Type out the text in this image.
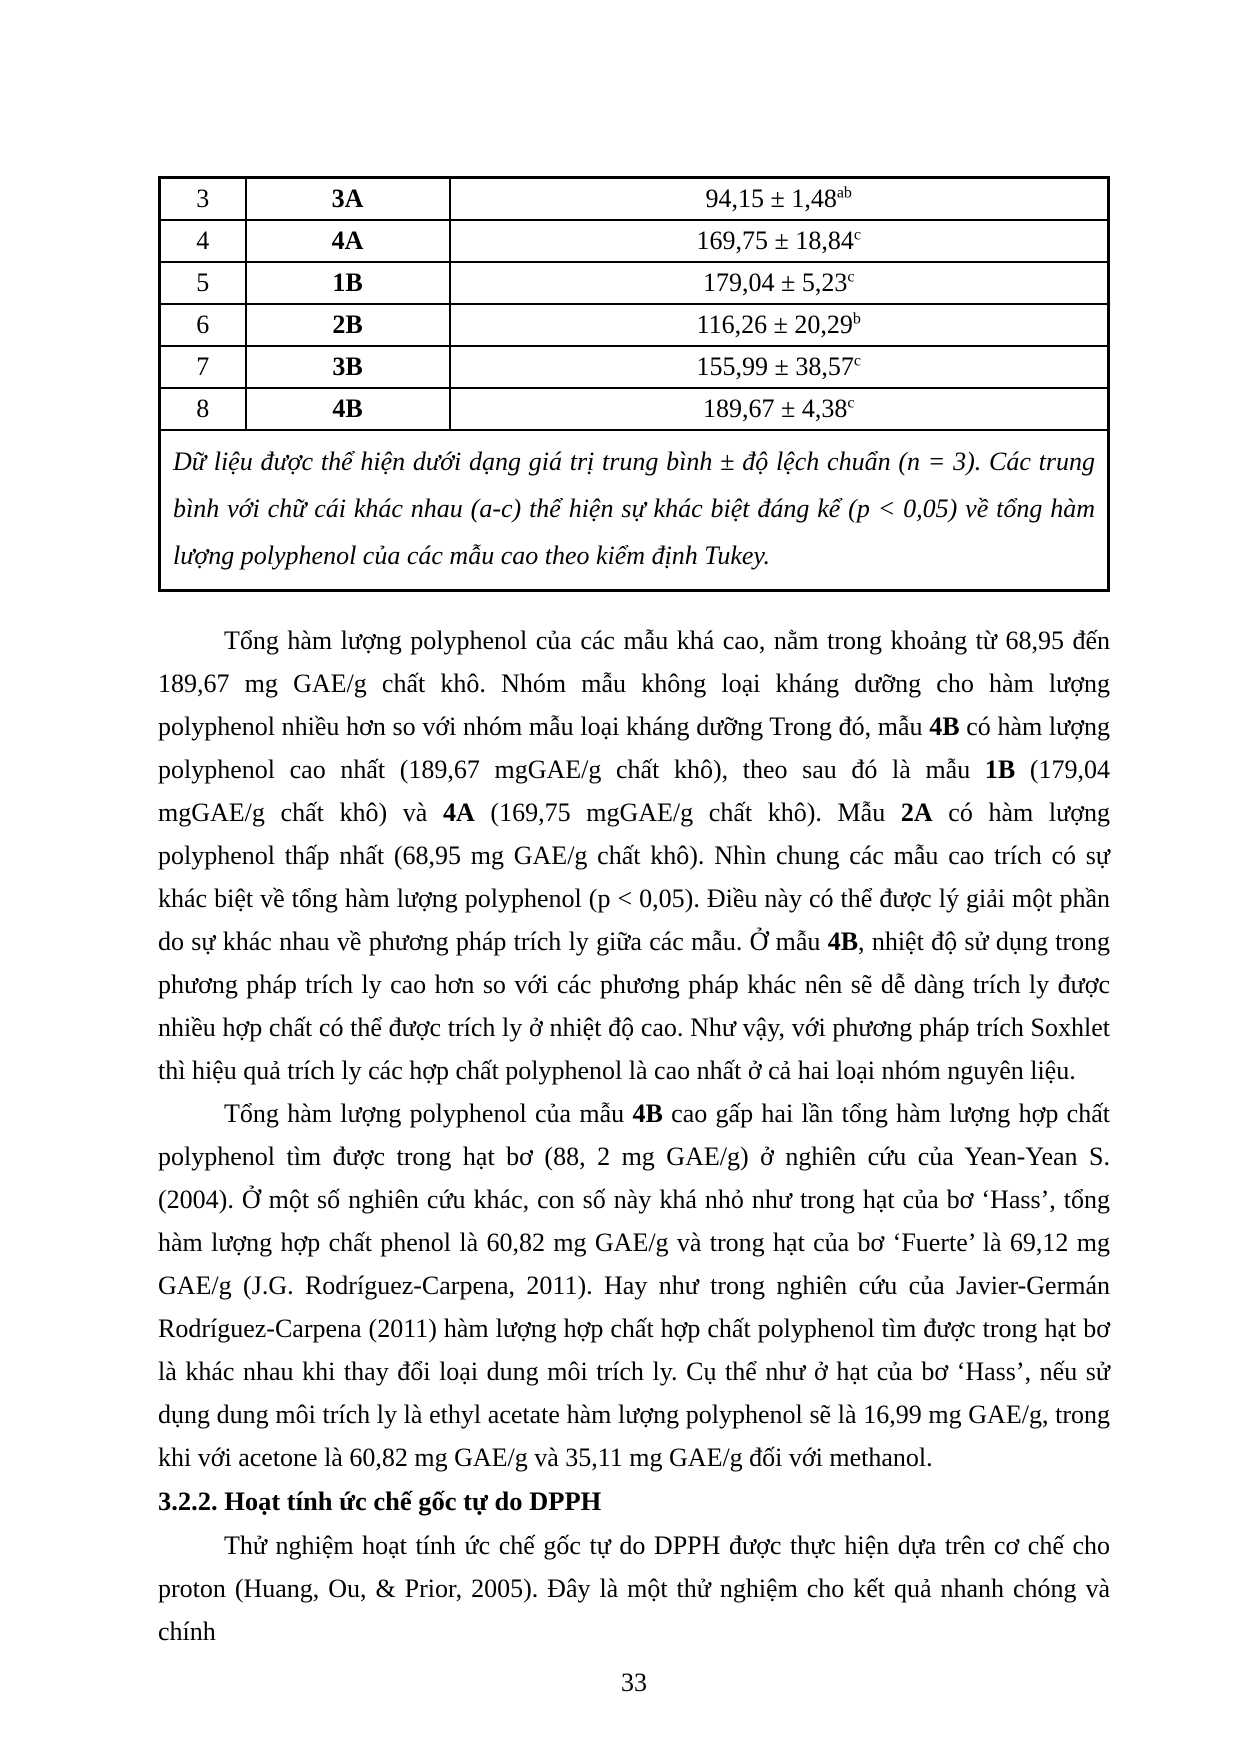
3	3A	94,15 ± 1,48$^{ab}$
4	4A	169,75 ± 18,84$^c$
5	1B	179,04 ± 5,23$^c$
6	2B	116,26 ± 20,29$^b$
7	3B	155,99 ± 38,57$^c$
8	4B	189,67 ± 4,38$^c$
Dữ liệu được thể hiện dưới dạng giá trị trung bình ± độ lệch chuẩn (n = 3). Các trung bình với chữ cái khác nhau (a-c) thể hiện sự khác biệt đáng kể (p < 0,05) về tổng hàm lượng polyphenol của các mẫu cao theo kiểm định Tukey.		

Tổng hàm lượng polyphenol của các mẫu khá cao, nằm trong khoảng từ 68,95 đến 189,67 mg GAE/g chất khô. Nhóm mẫu không loại kháng dưỡng cho hàm lượng polyphenol nhiều hơn so với nhóm mẫu loại kháng dưỡng Trong đó, mẫu 4B có hàm lượng polyphenol cao nhất (189,67 mgGAE/g chất khô), theo sau đó là mẫu 1B (179,04 mgGAE/g chất khô) và 4A (169,75 mgGAE/g chất khô). Mẫu 2A có hàm lượng polyphenol thấp nhất (68,95 mg GAE/g chất khô). Nhìn chung các mẫu cao trích có sự khác biệt về tổng hàm lượng polyphenol (p < 0,05). Điều này có thể được lý giải một phần do sự khác nhau về phương pháp trích ly giữa các mẫu. Ở mẫu 4B, nhiệt độ sử dụng trong phương pháp trích ly cao hơn so với các phương pháp khác nên sẽ dễ dàng trích ly được nhiều hợp chất có thể được trích ly ở nhiệt độ cao. Như vậy, với phương pháp trích Soxhlet thì hiệu quả trích ly các hợp chất polyphenol là cao nhất ở cả hai loại nhóm nguyên liệu.

Tổng hàm lượng polyphenol của mẫu 4B cao gấp hai lần tổng hàm lượng hợp chất polyphenol tìm được trong hạt bơ (88, 2 mg GAE/g) ở nghiên cứu của Yean-Yean S. (2004). Ở một số nghiên cứu khác, con số này khá nhỏ như trong hạt của bơ ‘Hass’, tổng hàm lượng hợp chất phenol là 60,82 mg GAE/g và trong hạt của bơ ‘Fuerte’ là 69,12 mg GAE/g (J.G. Rodríguez-Carpena, 2011). Hay như trong nghiên cứu của Javier-Germán Rodríguez-Carpena (2011) hàm lượng hợp chất hợp chất polyphenol tìm được trong hạt bơ là khác nhau khi thay đổi loại dung môi trích ly. Cụ thể như ở hạt của bơ ‘Hass’, nếu sử dụng dung môi trích ly là ethyl acetate hàm lượng polyphenol sẽ là 16,99 mg GAE/g, trong khi với acetone là 60,82 mg GAE/g và 35,11 mg GAE/g đối với methanol.

3.2.2. Hoạt tính ức chế gốc tự do DPPH

Thử nghiệm hoạt tính ức chế gốc tự do DPPH được thực hiện dựa trên cơ chế cho proton (Huang, Ou, & Prior, 2005). Đây là một thử nghiệm cho kết quả nhanh chóng và chính

33
